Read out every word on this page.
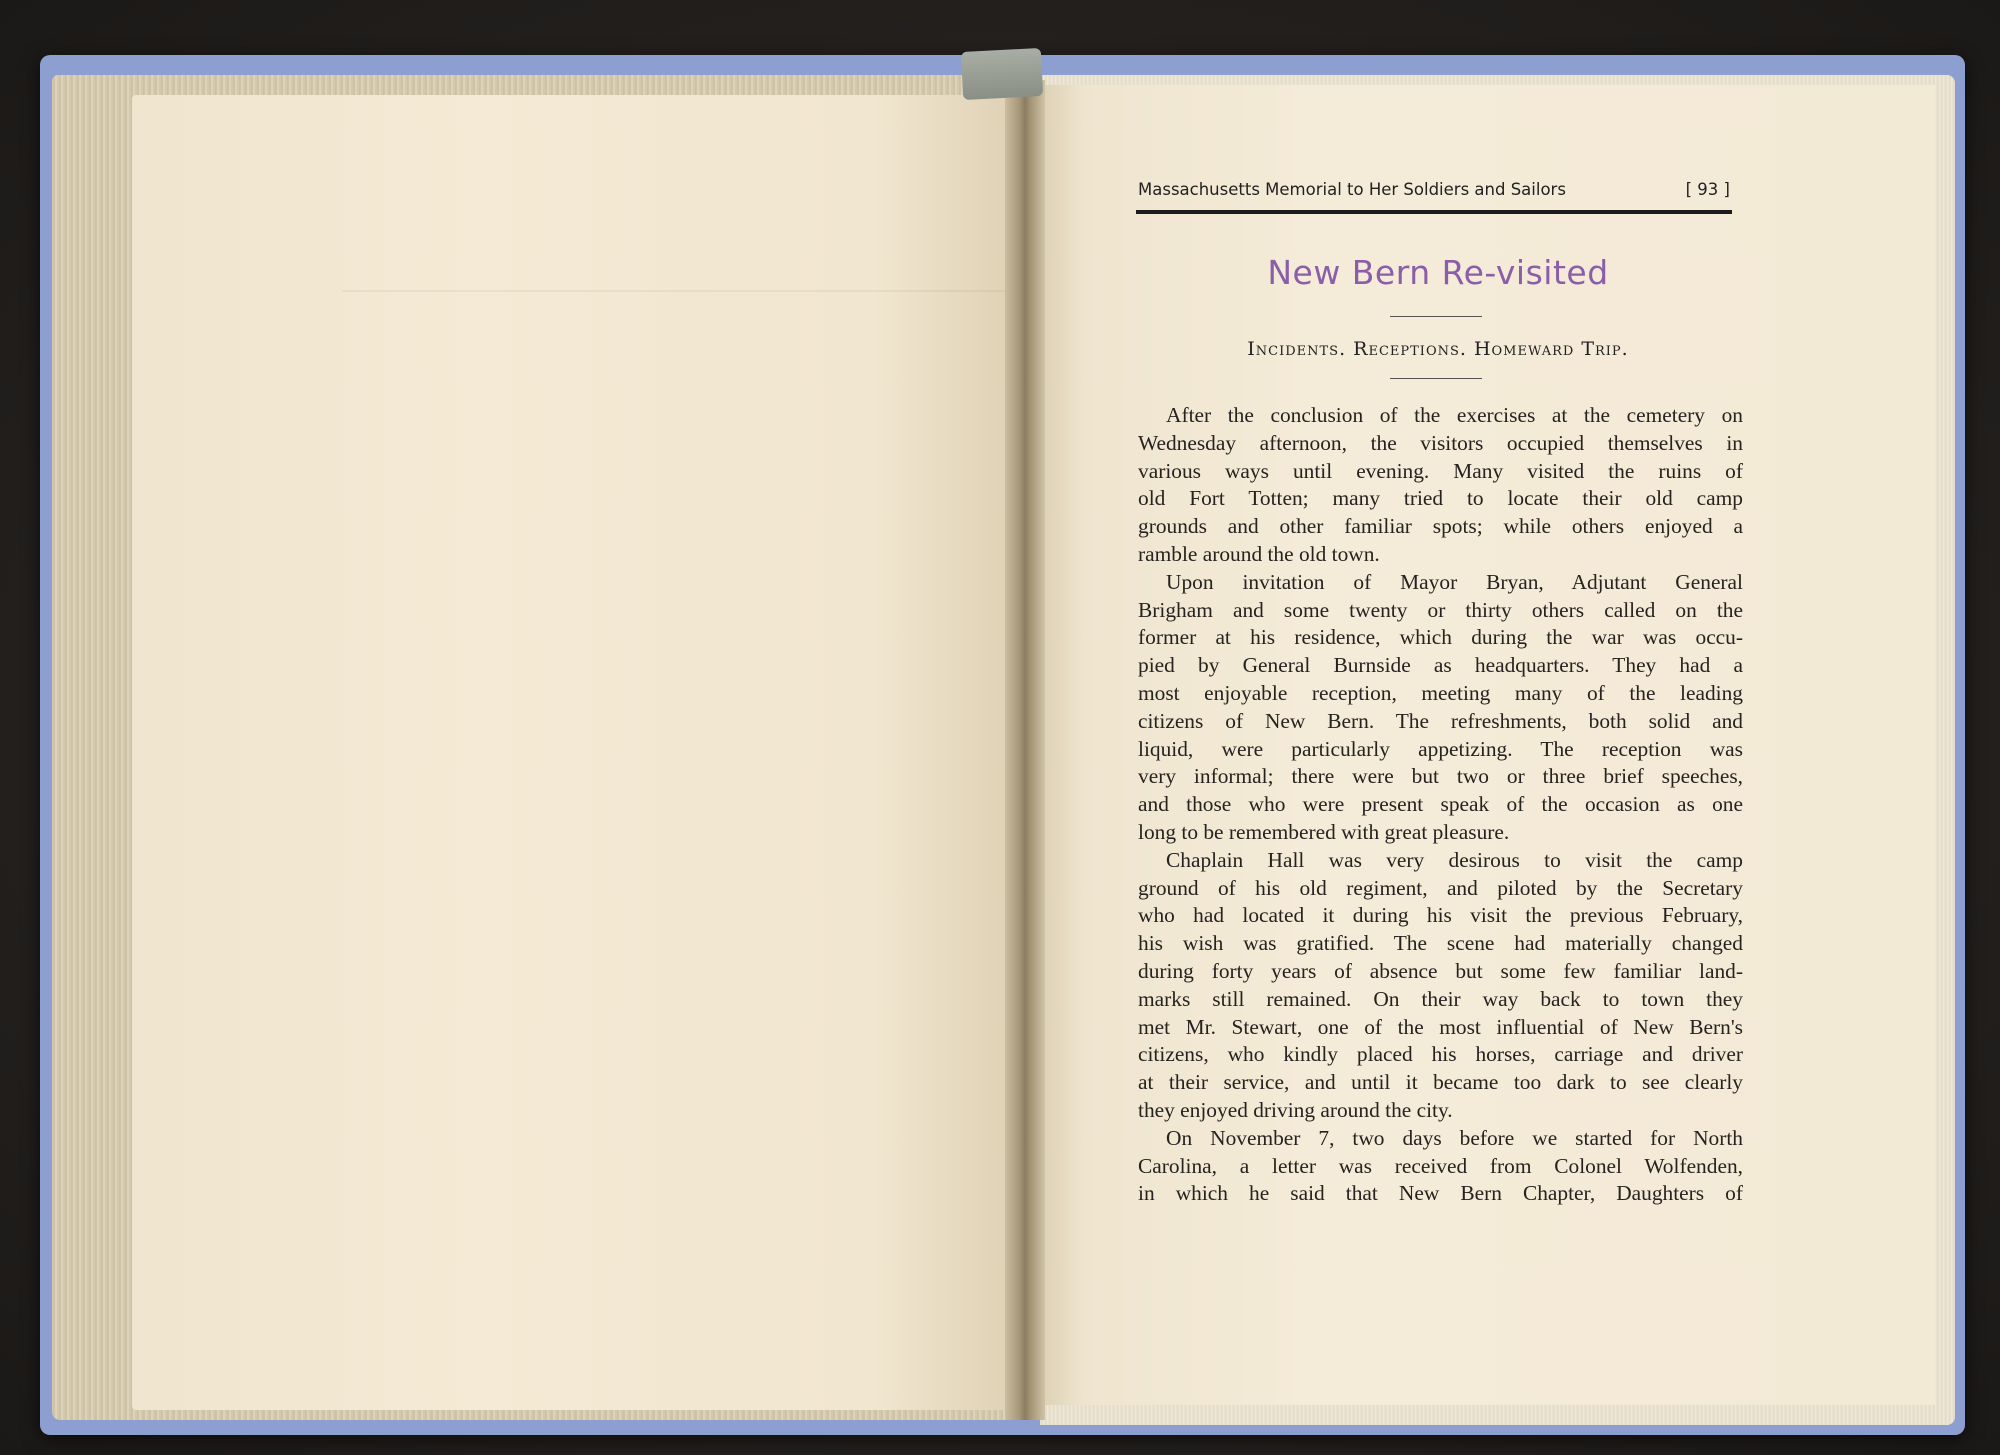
Massachusetts Memorial to Her Soldiers and Sailors	[ 93 ]
New Bern Re-visited
Incidents. Receptions. Homeward Trip.
After the conclusion of the exercises at the cemetery on
Wednesday afternoon, the visitors occupied themselves in
various ways until evening. Many visited the ruins of
old Fort Totten; many tried to locate their old camp
grounds and other familiar spots; while others enjoyed a
ramble around the old town.
Upon invitation of Mayor Bryan, Adjutant General
Brigham and some twenty or thirty others called on the
former at his residence, which during the war was occu-
pied by General Burnside as headquarters. They had a
most enjoyable reception, meeting many of the leading
citizens of New Bern. The refreshments, both solid and
liquid, were particularly appetizing. The reception was
very informal; there were but two or three brief speeches,
and those who were present speak of the occasion as one
long to be remembered with great pleasure.
Chaplain Hall was very desirous to visit the camp
ground of his old regiment, and piloted by the Secretary
who had located it during his visit the previous February,
his wish was gratified. The scene had materially changed
during forty years of absence but some few familiar land-
marks still remained. On their way back to town they
met Mr. Stewart, one of the most influential of New Bern's
citizens, who kindly placed his horses, carriage and driver
at their service, and until it became too dark to see clearly
they enjoyed driving around the city.
On November 7, two days before we started for North
Carolina, a letter was received from Colonel Wolfenden,
in which he said that New Bern Chapter, Daughters of
